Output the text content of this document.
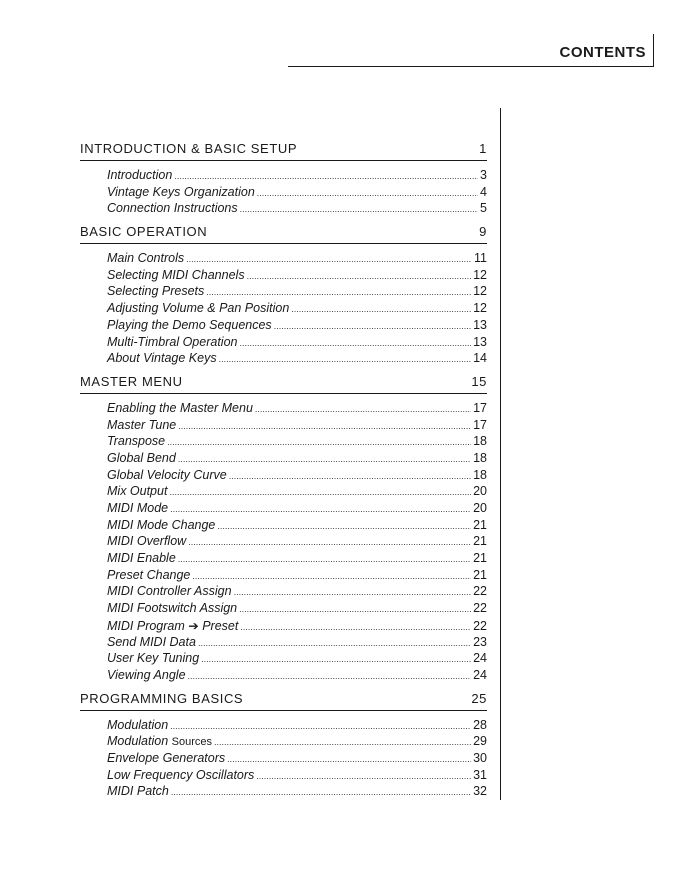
CONTENTS
INTRODUCTION & BASIC SETUP	1
Introduction .....	3
Vintage Keys Organization .....	4
Connection Instructions .....	5
BASIC OPERATION	9
Main Controls .....	11
Selecting MIDI Channels .....	12
Selecting Presets .....	12
Adjusting Volume & Pan Position .....	12
Playing the Demo Sequences .....	13
Multi-Timbral Operation .....	13
About Vintage Keys .....	14
MASTER MENU	15
Enabling the Master Menu .....	17
Master Tune .....	17
Transpose .....	18
Global Bend .....	18
Global Velocity Curve .....	18
Mix Output .....	20
MIDI Mode .....	20
MIDI Mode Change .....	21
MIDI Overflow .....	21
MIDI Enable .....	21
Preset Change .....	21
MIDI Controller Assign .....	22
MIDI Footswitch Assign .....	22
MIDI Program ➔ Preset .....	22
Send MIDI Data .....	23
User Key Tuning .....	24
Viewing Angle .....	24
PROGRAMMING BASICS	25
Modulation .....	28
Modulation Sources .....	29
Envelope Generators .....	30
Low Frequency Oscillators .....	31
MIDI Patch .....	32
